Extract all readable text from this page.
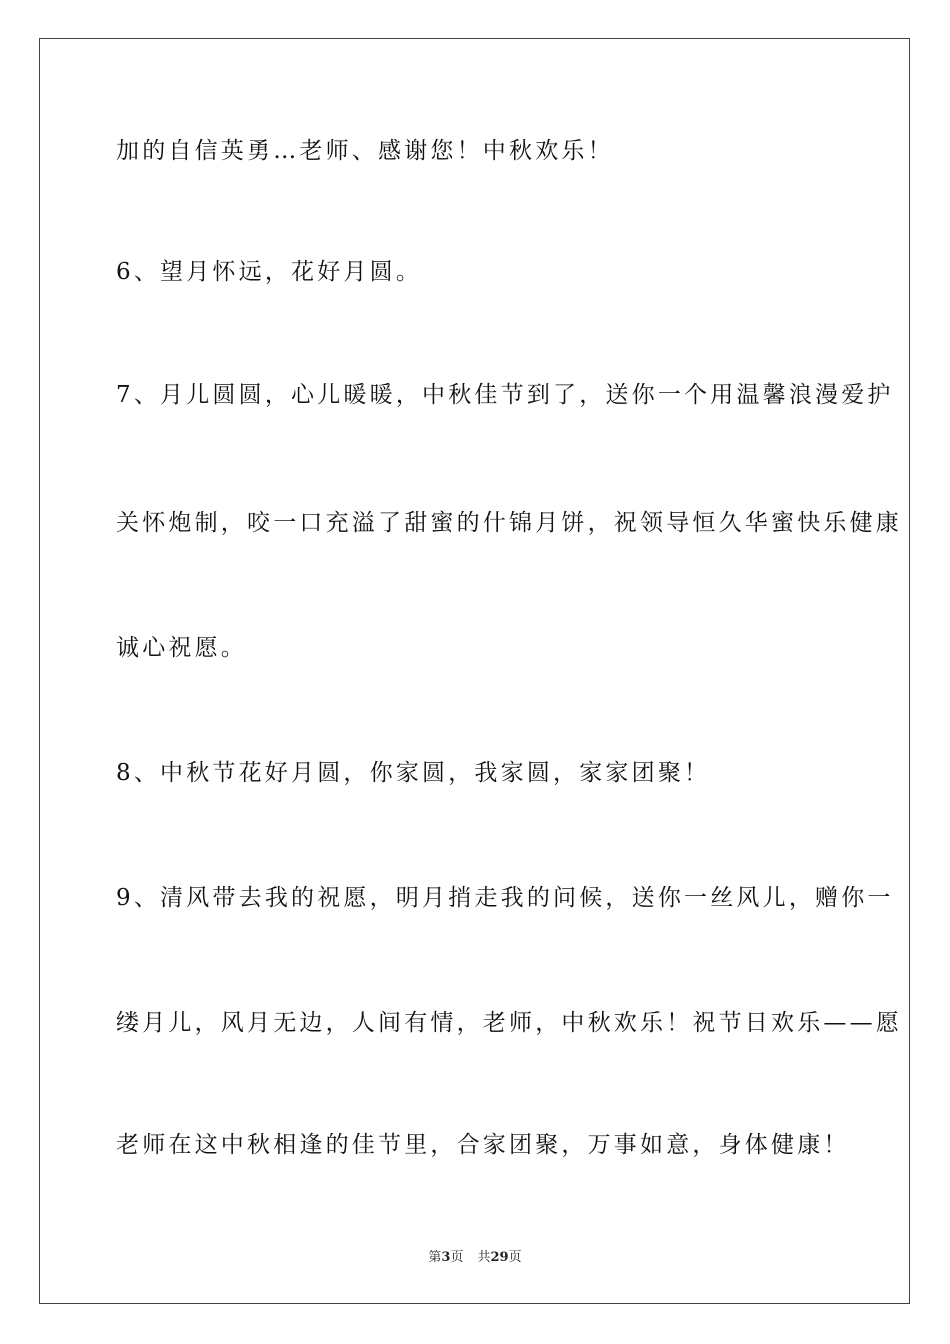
加的自信英勇…老师、感谢您！中秋欢乐！
6、望月怀远，花好月圆。
7、月儿圆圆，心儿暖暖，中秋佳节到了，送你一个用温馨浪漫爱护
关怀炮制，咬一口充溢了甜蜜的什锦月饼，祝领导恒久华蜜快乐健康
诚心祝愿。
8、中秋节花好月圆，你家圆，我家圆，家家团聚！
9、清风带去我的祝愿，明月捎走我的问候，送你一丝风儿，赠你一
缕月儿，风月无边，人间有情，老师，中秋欢乐！祝节日欢乐——愿
老师在这中秋相逢的佳节里，合家团聚，万事如意，身体健康！
第3页 共29页
